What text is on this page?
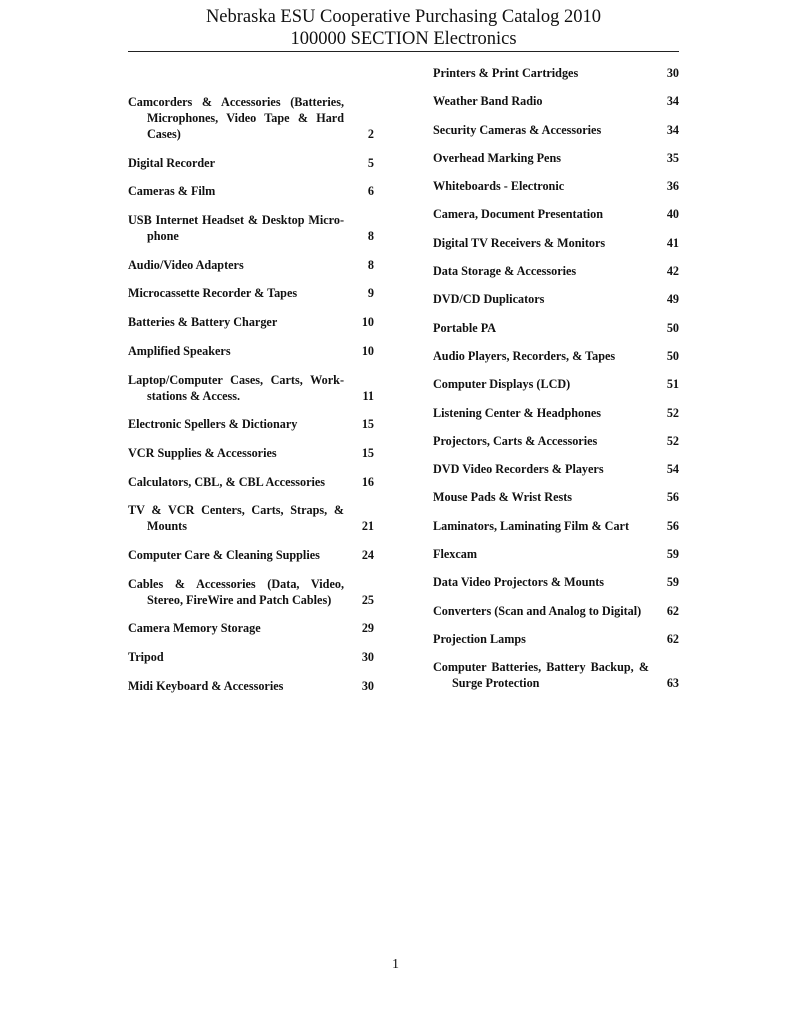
Nebraska ESU Cooperative Purchasing Catalog 2010
100000 SECTION Electronics
Camcorders & Accessories (Batteries, Microphones, Video Tape & Hard Cases)	2
Digital Recorder	5
Cameras & Film	6
USB Internet Headset & Desktop Micro-phone	8
Audio/Video Adapters	8
Microcassette Recorder & Tapes	9
Batteries & Battery Charger	10
Amplified Speakers	10
Laptop/Computer Cases, Carts, Work-stations & Access.	11
Electronic Spellers & Dictionary	15
VCR Supplies & Accessories	15
Calculators, CBL, & CBL Accessories	16
TV & VCR Centers, Carts, Straps, & Mounts	21
Computer Care & Cleaning Supplies	24
Cables & Accessories (Data, Video, Stereo, FireWire and Patch Cables)	25
Camera Memory Storage	29
Tripod	30
Midi Keyboard & Accessories	30
Printers & Print Cartridges	30
Weather Band Radio	34
Security Cameras & Accessories	34
Overhead Marking Pens	35
Whiteboards - Electronic	36
Camera, Document Presentation	40
Digital TV Receivers & Monitors	41
Data Storage & Accessories	42
DVD/CD Duplicators	49
Portable PA	50
Audio Players, Recorders, & Tapes	50
Computer Displays (LCD)	51
Listening Center & Headphones	52
Projectors, Carts & Accessories	52
DVD Video Recorders & Players	54
Mouse Pads & Wrist Rests	56
Laminators, Laminating Film & Cart	56
Flexcam	59
Data Video Projectors & Mounts	59
Converters (Scan and Analog to Digital)	62
Projection Lamps	62
Computer Batteries, Battery Backup, & Surge Protection	63
1
